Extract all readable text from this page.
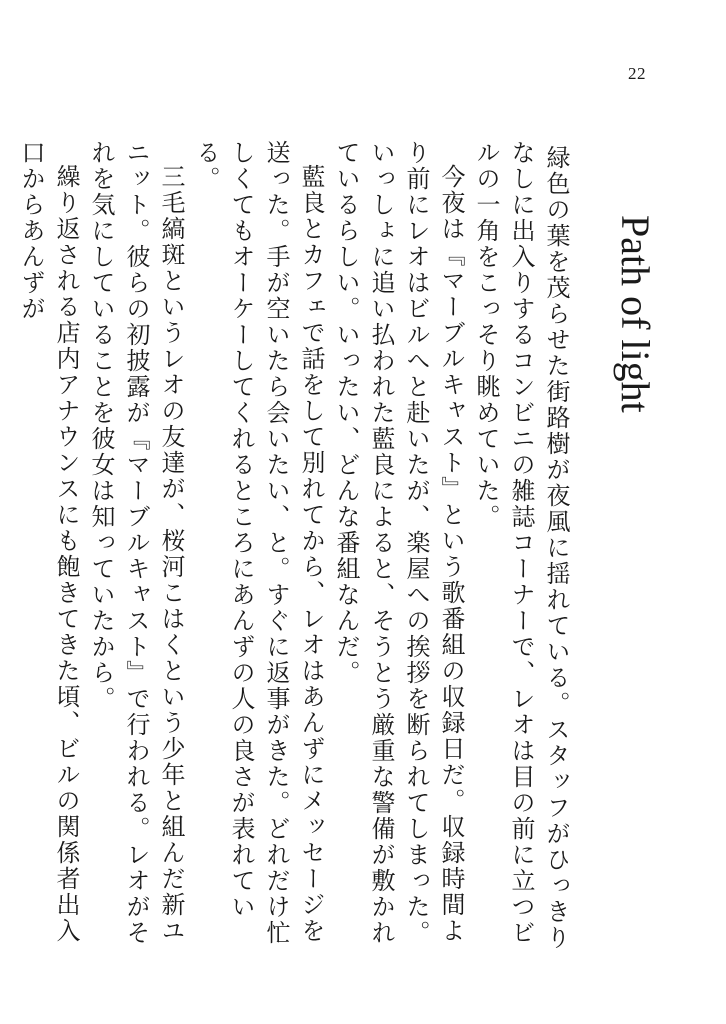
22
Path of light

緑色の葉を茂らせた街路樹が夜風に揺れている。スタッフがひっきりなしに出入りするコンビニの雑誌コーナーで、レオは目の前に立つビルの一角をこっそり眺めていた。

今夜は『マーブルキャスト』という歌番組の収録日だ。収録時間より前にレオはビルへと赴いたが、楽屋への挨拶を断られてしまった。いっしょに追い払われた藍良によると、そうとう厳重な警備が敷かれているらしい。いったい、どんな番組なんだ。

藍良とカフェで話をして別れてから、レオはあんずにメッセージを送った。手が空いたら会いたい、と。すぐに返事がきた。どれだけ忙しくてもオーケーしてくれるところにあんずの人の良さが表れている。

三毛縞斑というレオの友達が、桜河こはくという少年と組んだ新ユニット。彼らの初披露が『マーブルキャスト』で行われる。レオがそれを気にしていることを彼女は知っていたから。

繰り返される店内アナウンスにも飽きてきた頃、ビルの関係者出入口からあんずが
